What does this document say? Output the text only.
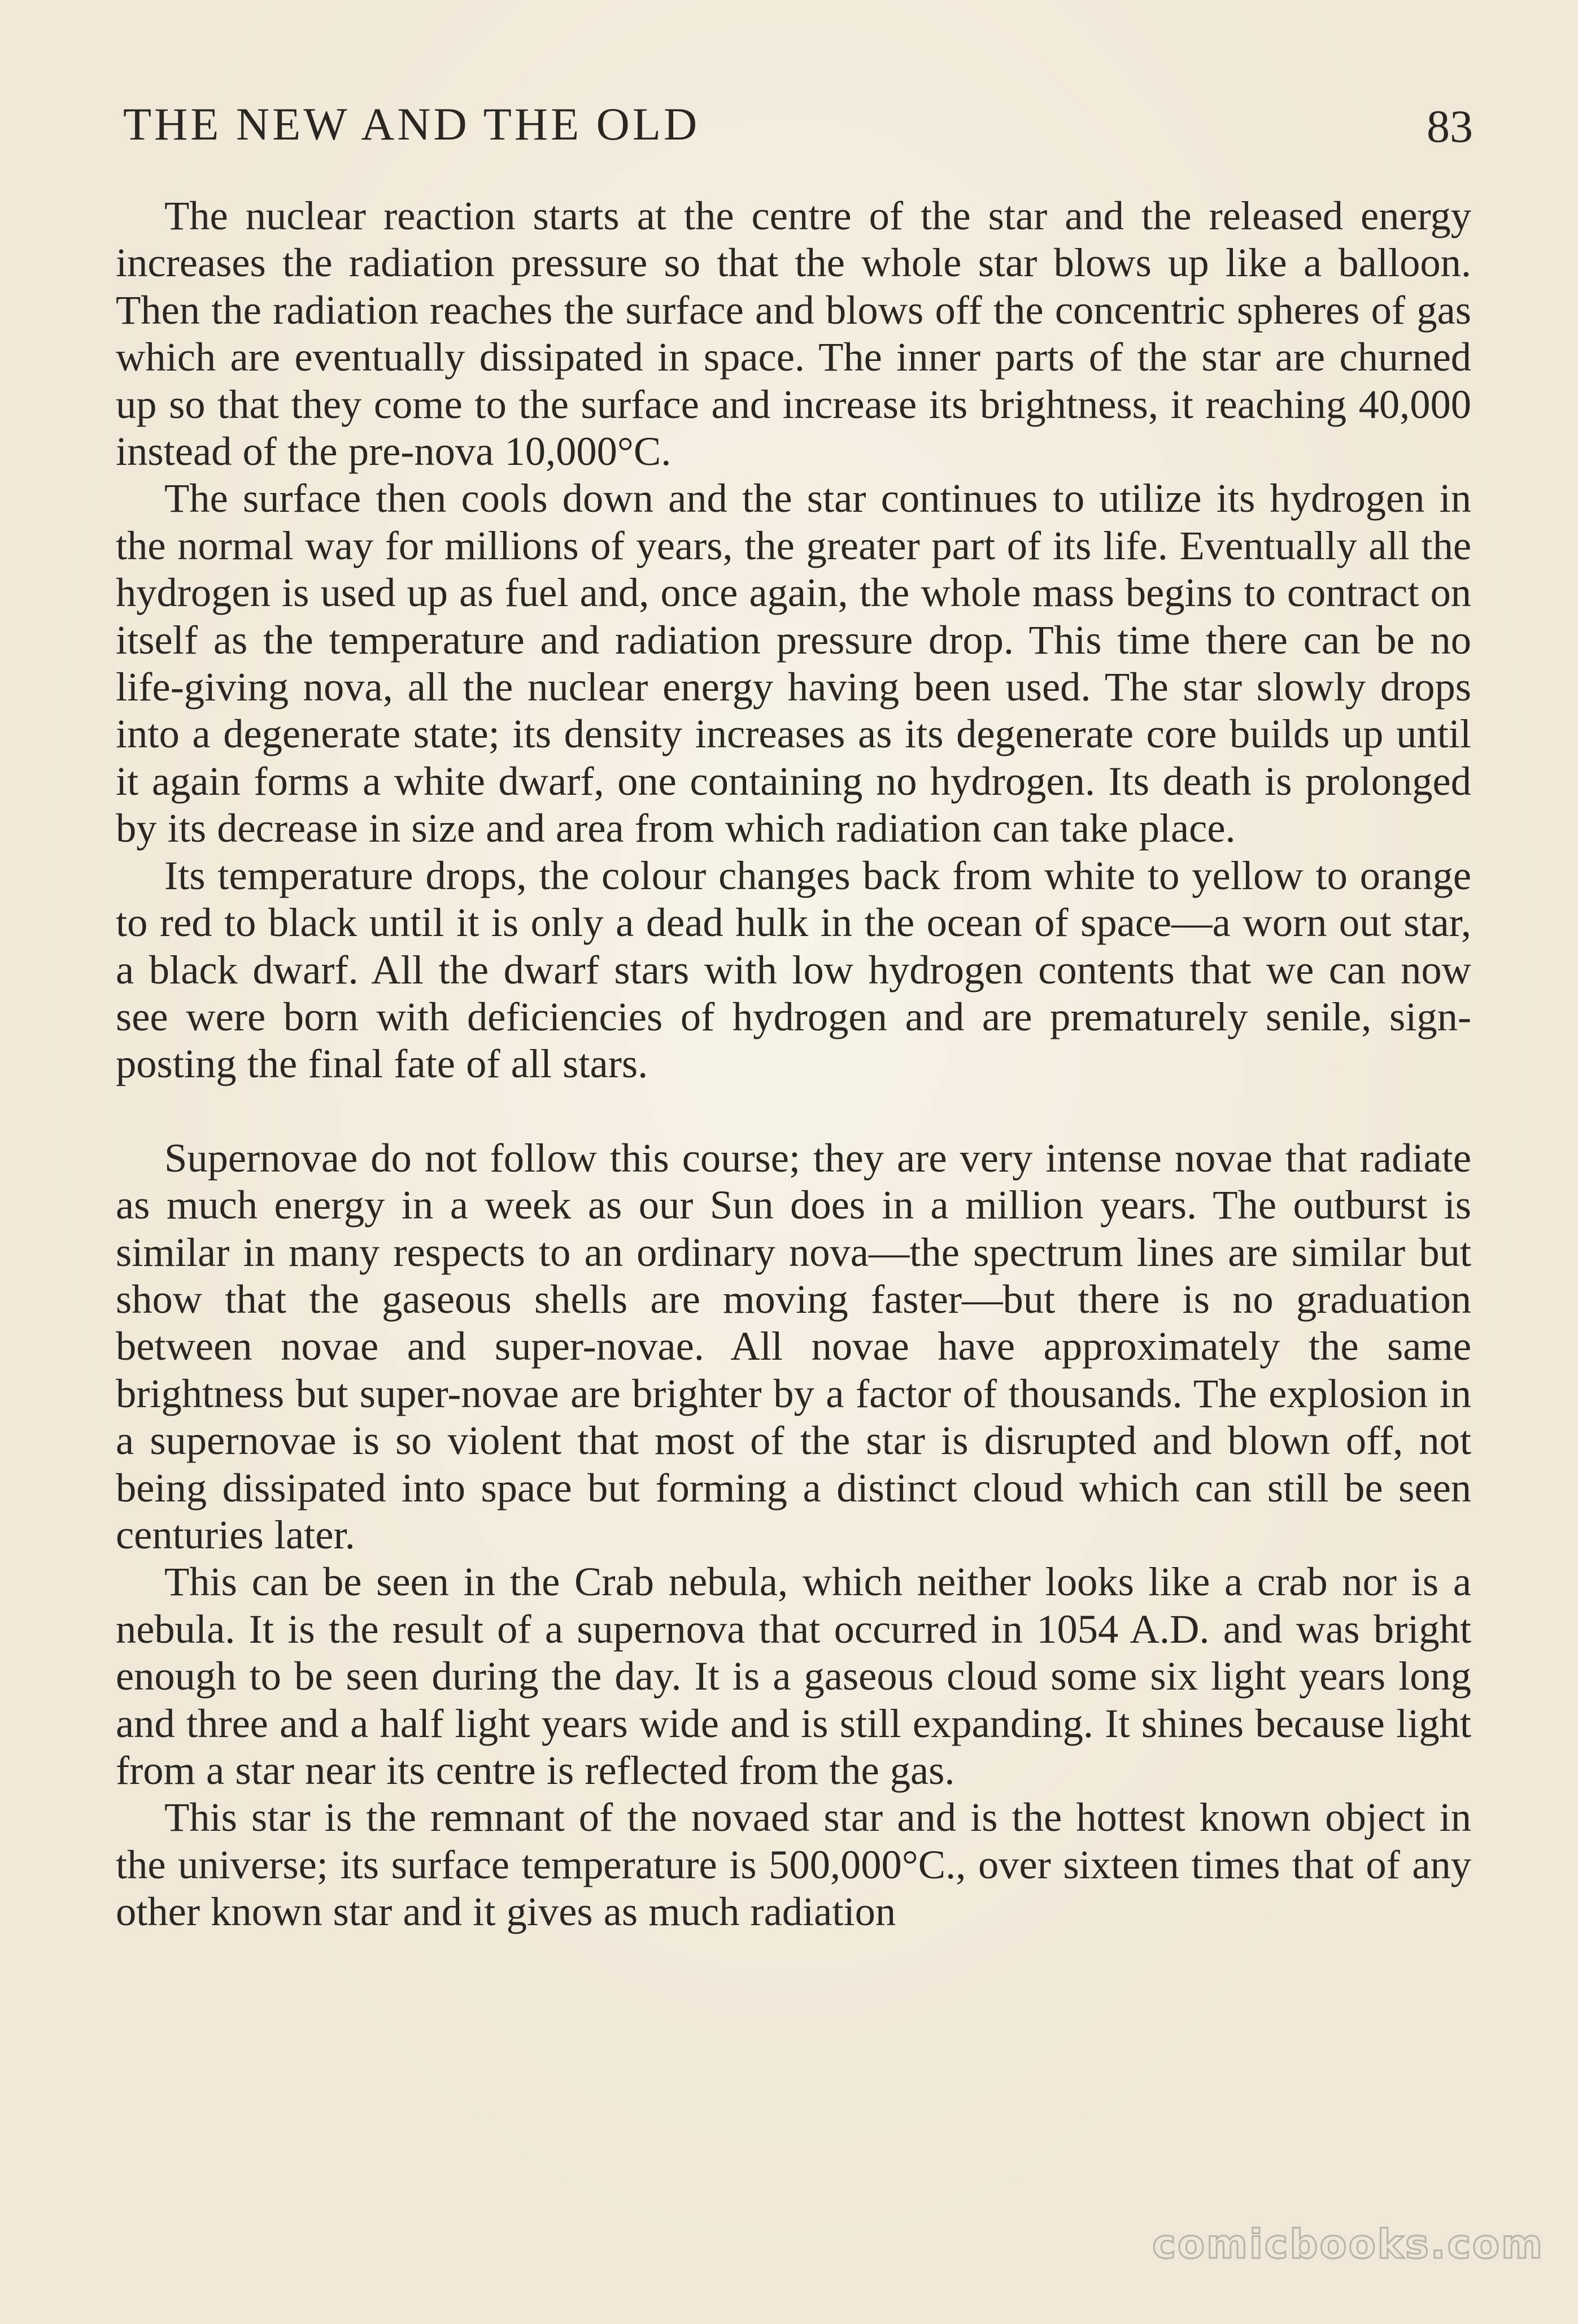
THE NEW AND THE OLD	83

The nuclear reaction starts at the centre of the star and the released energy increases the radiation pressure so that the whole star blows up like a balloon. Then the radiation reaches the surface and blows off the concentric spheres of gas which are eventually dissipated in space. The inner parts of the star are churned up so that they come to the surface and increase its brightness, it reaching 40,000 instead of the pre-nova 10,000°C.

The surface then cools down and the star continues to utilize its hydrogen in the normal way for millions of years, the greater part of its life. Eventually all the hydrogen is used up as fuel and, once again, the whole mass begins to contract on itself as the temperature and radiation pressure drop. This time there can be no life-giving nova, all the nuclear energy having been used. The star slowly drops into a degenerate state; its density increases as its degenerate core builds up until it again forms a white dwarf, one containing no hydrogen. Its death is prolonged by its decrease in size and area from which radiation can take place.

Its temperature drops, the colour changes back from white to yellow to orange to red to black until it is only a dead hulk in the ocean of space—a worn out star, a black dwarf. All the dwarf stars with low hydrogen contents that we can now see were born with deficiencies of hydrogen and are prematurely senile, sign-posting the final fate of all stars.

Supernovae do not follow this course; they are very intense novae that radiate as much energy in a week as our Sun does in a million years. The outburst is similar in many respects to an ordinary nova—the spectrum lines are similar but show that the gaseous shells are moving faster—but there is no graduation between novae and super-novae. All novae have approximately the same brightness but super-novae are brighter by a factor of thousands. The explosion in a supernovae is so violent that most of the star is disrupted and blown off, not being dissipated into space but forming a distinct cloud which can still be seen centuries later.

This can be seen in the Crab nebula, which neither looks like a crab nor is a nebula. It is the result of a supernova that occurred in 1054 A.D. and was bright enough to be seen during the day. It is a gaseous cloud some six light years long and three and a half light years wide and is still expanding. It shines because light from a star near its centre is reflected from the gas.

This star is the remnant of the novaed star and is the hottest known object in the universe; its surface temperature is 500,000°C., over sixteen times that of any other known star and it gives as much radiation

comicbooks.com
